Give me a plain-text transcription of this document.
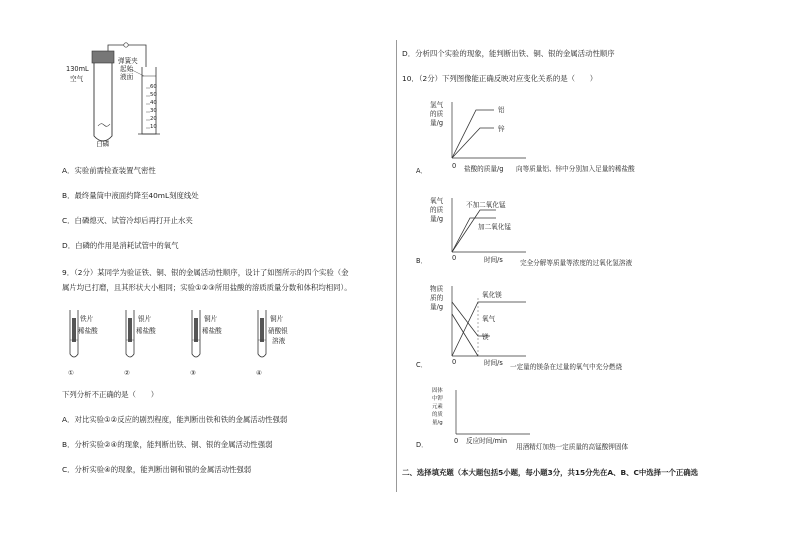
130mL
空气
弹簧夹
起始
液面
60
50
40
30
20
10
白磷
A．实验前需检查装置气密性
B．最终量筒中液面约降至40mL刻度线处
C．白磷熄灭、试管冷却后再打开止水夹
D．白磷的作用是消耗试管中的氧气
9．（2分）某同学为验证铁、铜、银的金属活动性顺序，设计了如图所示的四个实验（金
属片均已打磨，且其形状大小相同；实验①②③所用盐酸的溶质质量分数和体积均相同）。
铁片
稀盐酸
①
银片
稀盐酸
②
铜片
稀盐酸
③
铜片
硝酸银
溶液
④
下列分析不正确的是（　　）
A．对比实验①②反应的剧烈程度，能判断出铁和铁的金属活动性强弱
B．分析实验②④的现象，能判断出铁、铜、银的金属活动性强弱
C．分析实验④的现象，能判断出铜和银的金属活动性强弱
D．分析四个实验的现象，能判断出铁、铜、银的金属活动性顺序
10．（2分）下列图像能正确反映对应变化关系的是（　　）
氢气
的质
量/g
铝
锌
A．
0 盐酸的质量/g 向等质量铝、锌中分别加入足量的稀盐酸
氧气
的质
量/g
不加二氧化锰
加二氧化锰
B．	0	时间/s	完全分解等质量等浓度的过氧化氢溶液
物质
质的
量/g
氧化镁
氧气
镁
C．	0	时间/s 一定量的镁条在过量的氧气中充分燃烧
固体
中钾
元素
的质
量/g
D．	0 反应时间/min
用酒精灯加热一定质量的高锰酸钾固体
二、选择填充题（本大题包括5小题，每小题3分，共15分先在A、B、C中选择一个正确选
